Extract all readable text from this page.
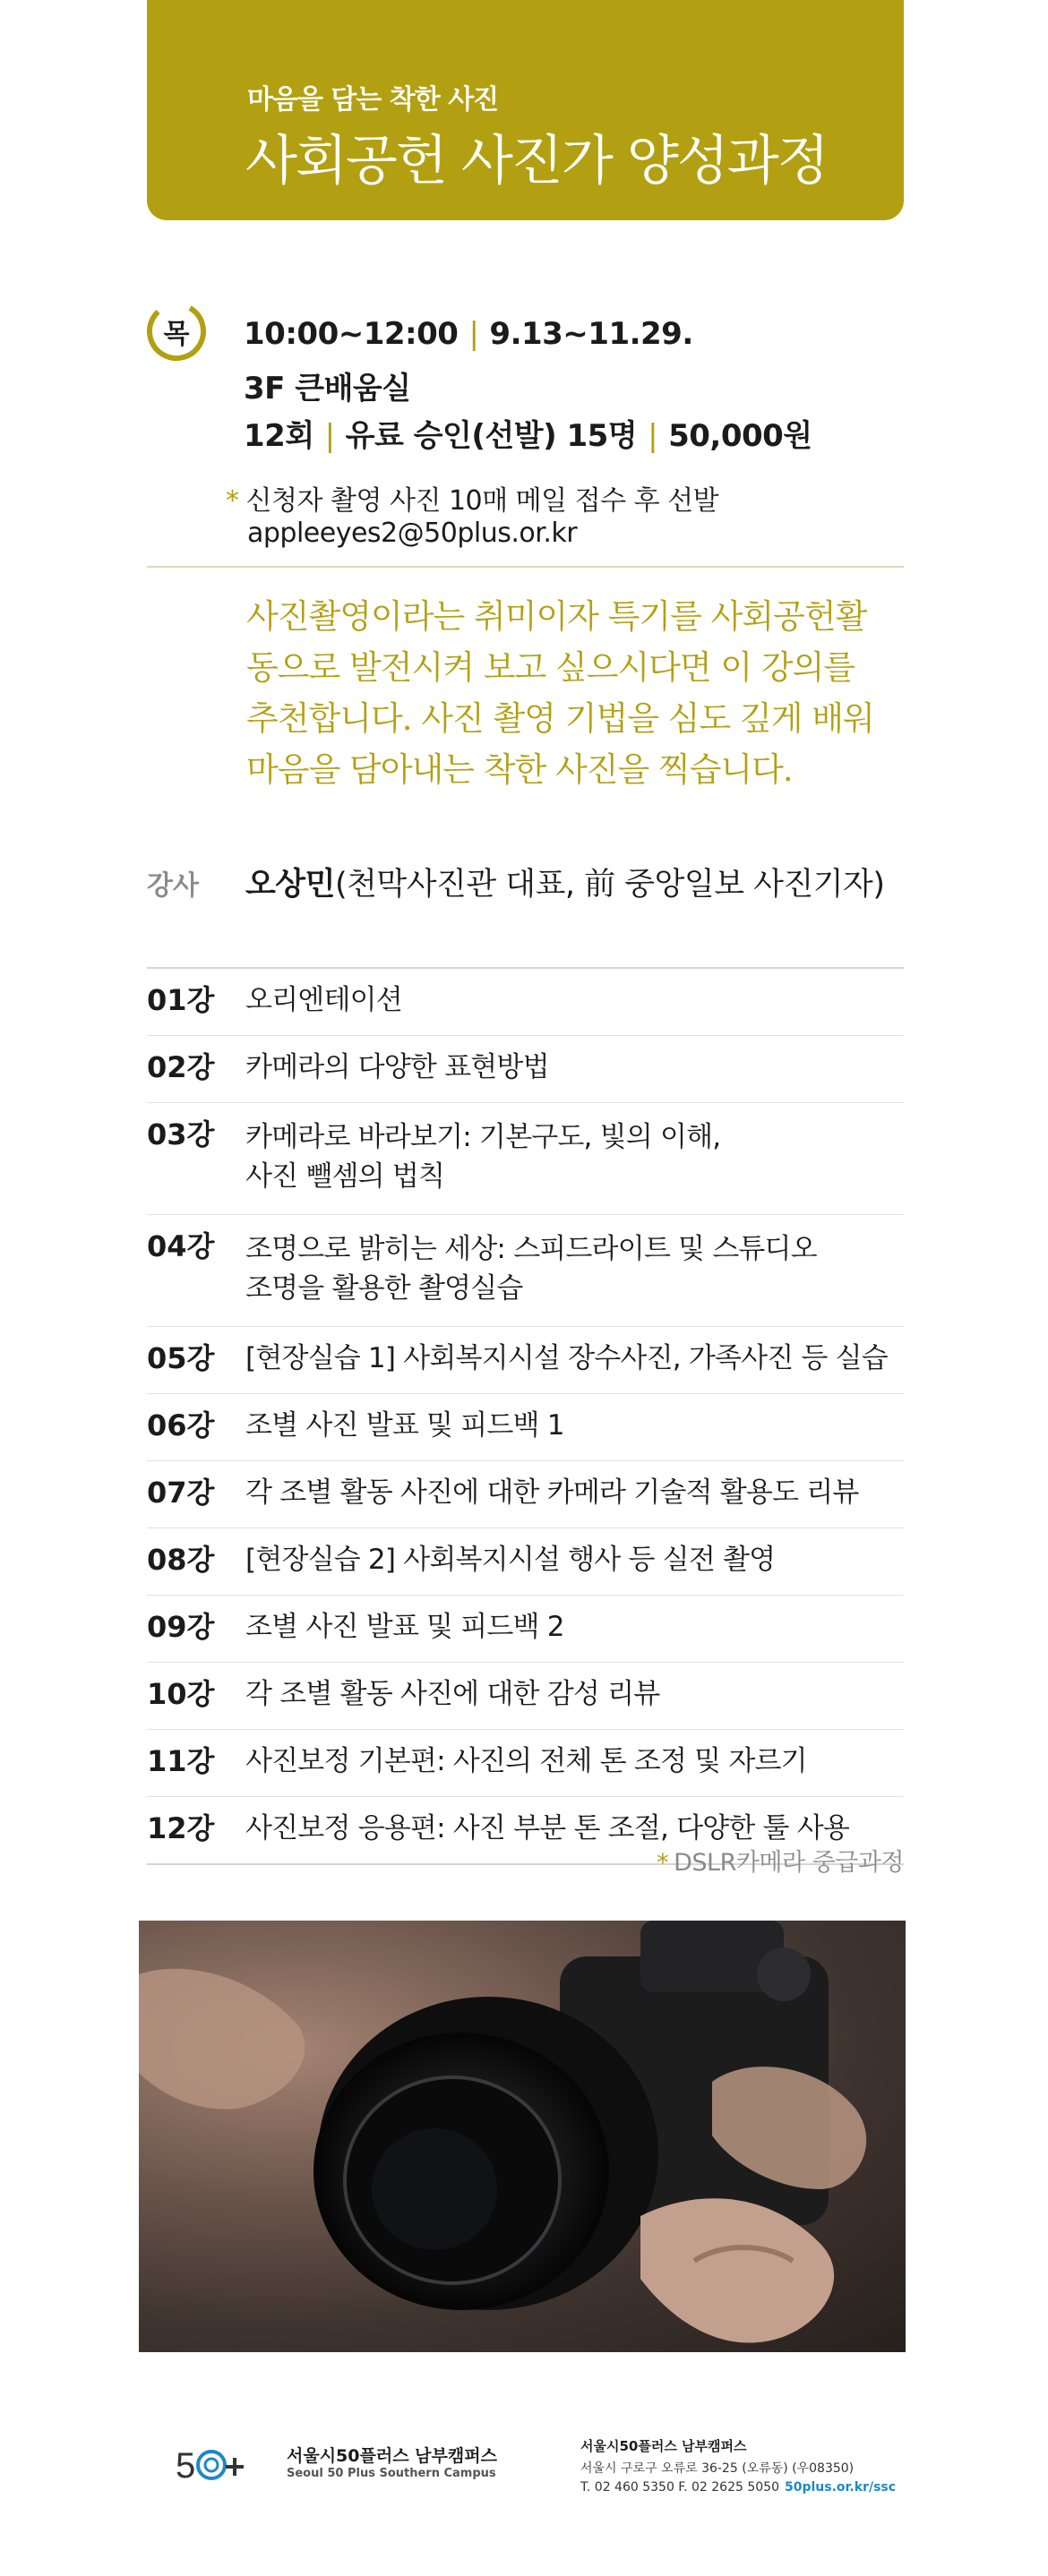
마음을 담는 착한 사진
사회공헌 사진가 양성과정
목	10:00~12:00 | 9.13~11.29.
3F 큰배움실
12회 | 유료 승인(선발) 15명 | 50,000원
* 신청자 촬영 사진 10매 메일 접수 후 선발
appleeyes2@50plus.or.kr
사진촬영이라는 취미이자 특기를 사회공헌활
동으로 발전시켜 보고 싶으시다면 이 강의를
추천합니다. 사진 촬영 기법을 심도 깊게 배워
마음을 담아내는 착한 사진을 찍습니다.
강사 오상민(천막사진관 대표, 前 중앙일보 사진기자)
01강	오리엔테이션
02강	카메라의 다양한 표현방법
03강	카메라로 바라보기: 기본구도, 빛의 이해,
사진 뺄셈의 법칙
04강	조명으로 밝히는 세상: 스피드라이트 및 스튜디오
조명을 활용한 촬영실습
05강	[현장실습 1] 사회복지시설 장수사진, 가족사진 등 실습
06강	조별 사진 발표 및 피드백 1
07강	각 조별 활동 사진에 대한 카메라 기술적 활용도 리뷰
08강	[현장실습 2] 사회복지시설 행사 등 실전 촬영
09강	조별 사진 발표 및 피드백 2
10강	각 조별 활동 사진에 대한 감성 리뷰
11강	사진보정 기본편: 사진의 전체 톤 조정 및 자르기
12강	사진보정 응용편: 사진 부분 톤 조절, 다양한 툴 사용
* DSLR카메라 중급과정
5	서울시50플러스 남부캠퍼스
Seoul 50 Plus Southern Campus
서울시50플러스 남부캠퍼스
서울시 구로구 오류로 36-25 (오류동) (우08350)
T. 02 460 5350 F. 02 2625 5050 50plus.or.kr/ssc
